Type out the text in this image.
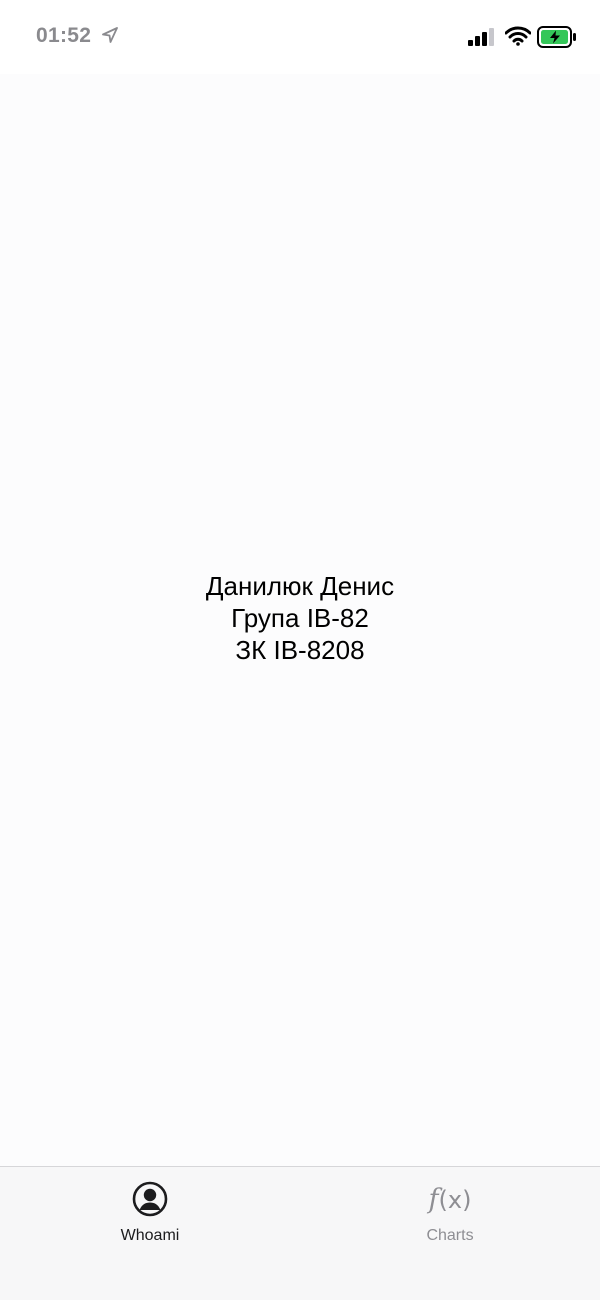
01:52
Данилюк Денис
Група ІВ-82
ЗК ІВ-8208
Whoami
f(x)
Charts
